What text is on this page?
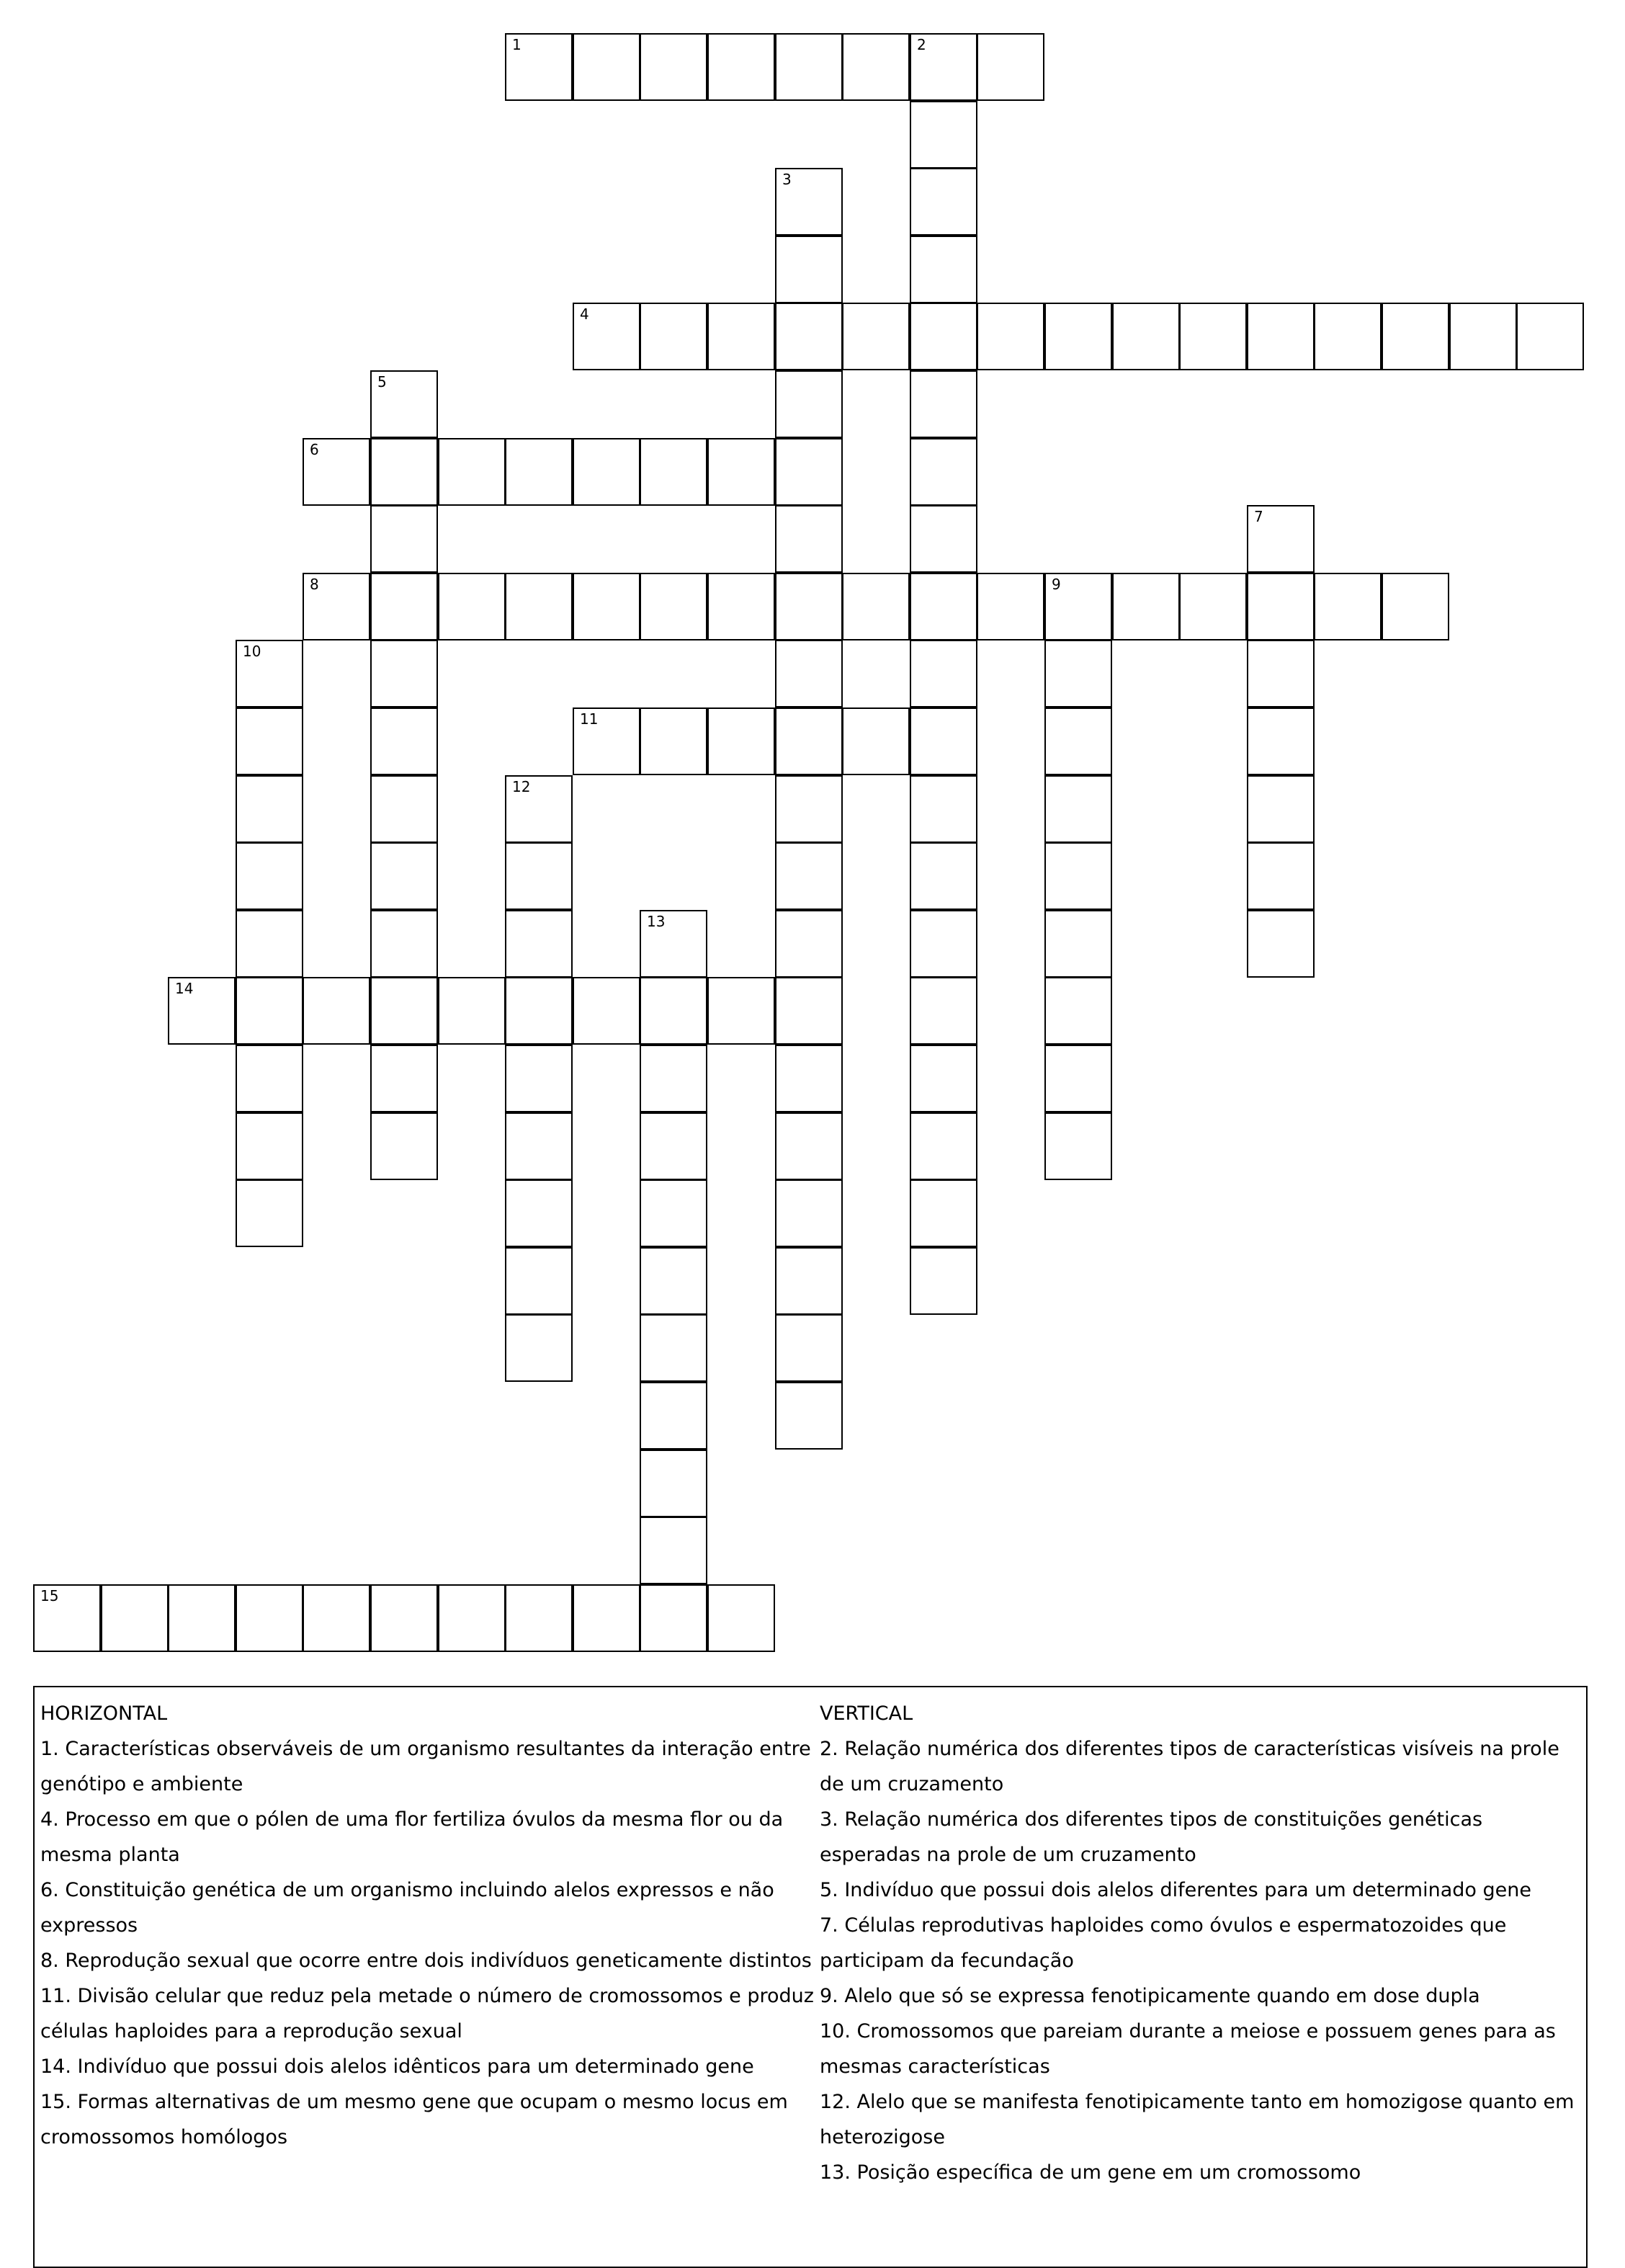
1	2
3
4
5
6
7
8	9
10
11
12
13
14
15
HORIZONTAL
1. Características observáveis de um organismo resultantes da interação entre genótipo e ambiente
4. Processo em que o pólen de uma flor fertiliza óvulos da mesma flor ou da mesma planta
6. Constituição genética de um organismo incluindo alelos expressos e não expressos
8. Reprodução sexual que ocorre entre dois indivíduos geneticamente distintos
11. Divisão celular que reduz pela metade o número de cromossomos e produz células haploides para a reprodução sexual
14. Indivíduo que possui dois alelos idênticos para um determinado gene
15. Formas alternativas de um mesmo gene que ocupam o mesmo locus em cromossomos homólogos
VERTICAL
2. Relação numérica dos diferentes tipos de características visíveis na prole de um cruzamento
3. Relação numérica dos diferentes tipos de constituições genéticas esperadas na prole de um cruzamento
5. Indivíduo que possui dois alelos diferentes para um determinado gene
7. Células reprodutivas haploides como óvulos e espermatozoides que participam da fecundação
9. Alelo que só se expressa fenotipicamente quando em dose dupla
10. Cromossomos que pareiam durante a meiose e possuem genes para as mesmas características
12. Alelo que se manifesta fenotipicamente tanto em homozigose quanto em heterozigose
13. Posição específica de um gene em um cromossomo
